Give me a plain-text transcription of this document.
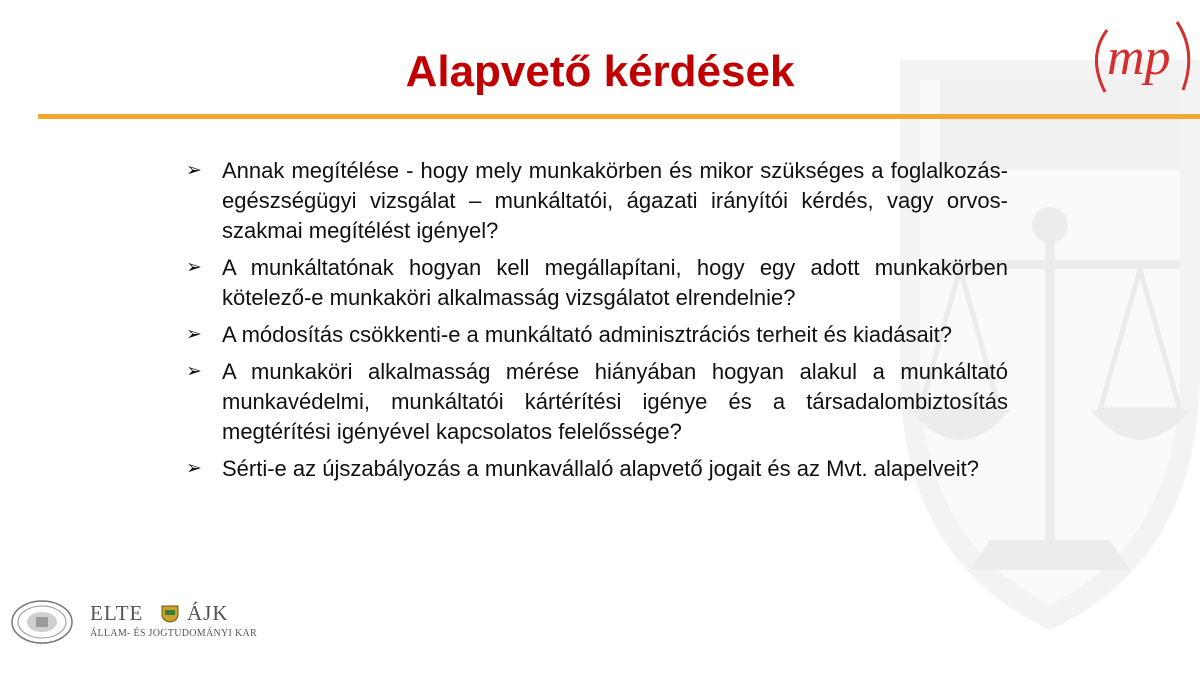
mp
Alapvető kérdések
➢ Annak megítélése - hogy mely munkakörben és mikor szükséges a foglalkozás-egészségügyi vizsgálat – munkáltatói, ágazati irányítói kérdés, vagy orvos-szakmai megítélést igényel?
➢ A munkáltatónak hogyan kell megállapítani, hogy egy adott munkakörben kötelező-e munkaköri alkalmasság vizsgálatot elrendelnie?
➢ A módosítás csökkenti-e a munkáltató adminisztrációs terheit és kiadásait?
➢ A munkaköri alkalmasság mérése hiányában hogyan alakul a munkáltató munkavédelmi, munkáltatói kártérítési igénye és a társadalombiztosítás megtérítési igényével kapcsolatos felelőssége?
➢ Sérti-e az újszabályozás a munkavállaló alapvető jogait és az Mvt. alapelveit?
ELTE ÁJK
ÁLLAM- ÉS JOGTUDOMÁNYI KAR
